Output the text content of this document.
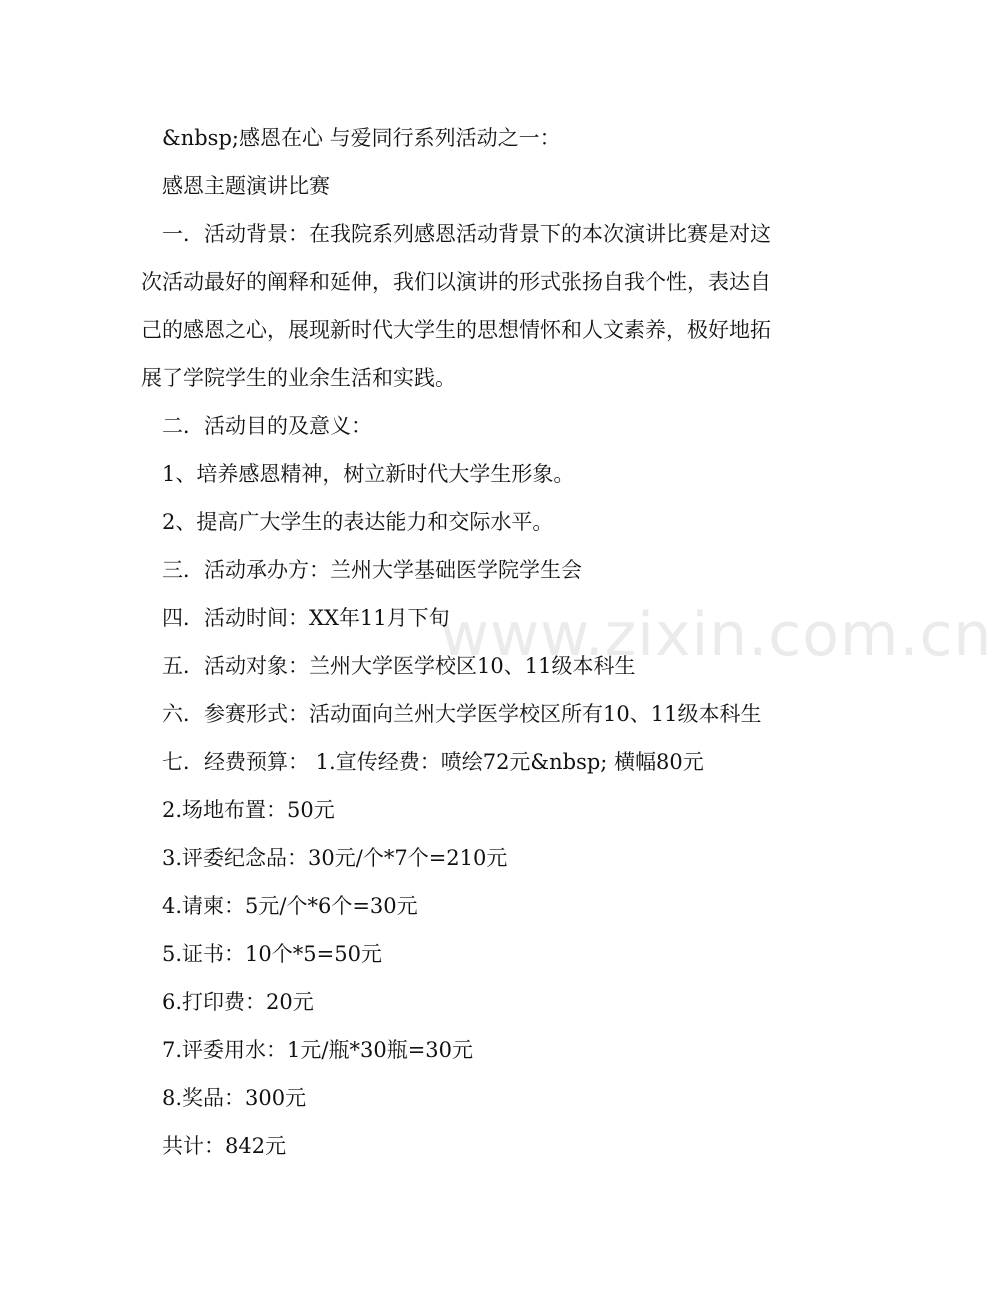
www.zixin.com.cn
&nbsp;感恩在心 与爱同行系列活动之一：
感恩主题演讲比赛
一．活动背景：在我院系列感恩活动背景下的本次演讲比赛是对这
次活动最好的阐释和延伸，我们以演讲的形式张扬自我个性，表达自
己的感恩之心，展现新时代大学生的思想情怀和人文素养，极好地拓
展了学院学生的业余生活和实践。
二．活动目的及意义：
1、培养感恩精神，树立新时代大学生形象。
2、提高广大学生的表达能力和交际水平。
三．活动承办方：兰州大学基础医学院学生会
四．活动时间：XX年11月下旬
五．活动对象：兰州大学医学校区10、11级本科生
六．参赛形式：活动面向兰州大学医学校区所有10、11级本科生
七．经费预算： 1.宣传经费：喷绘72元&nbsp; 横幅80元
2.场地布置：50元
3.评委纪念品：30元/个*7个=210元
4.请柬：5元/个*6个=30元
5.证书：10个*5=50元
6.打印费：20元
7.评委用水：1元/瓶*30瓶=30元
8.奖品：300元
共计：842元
